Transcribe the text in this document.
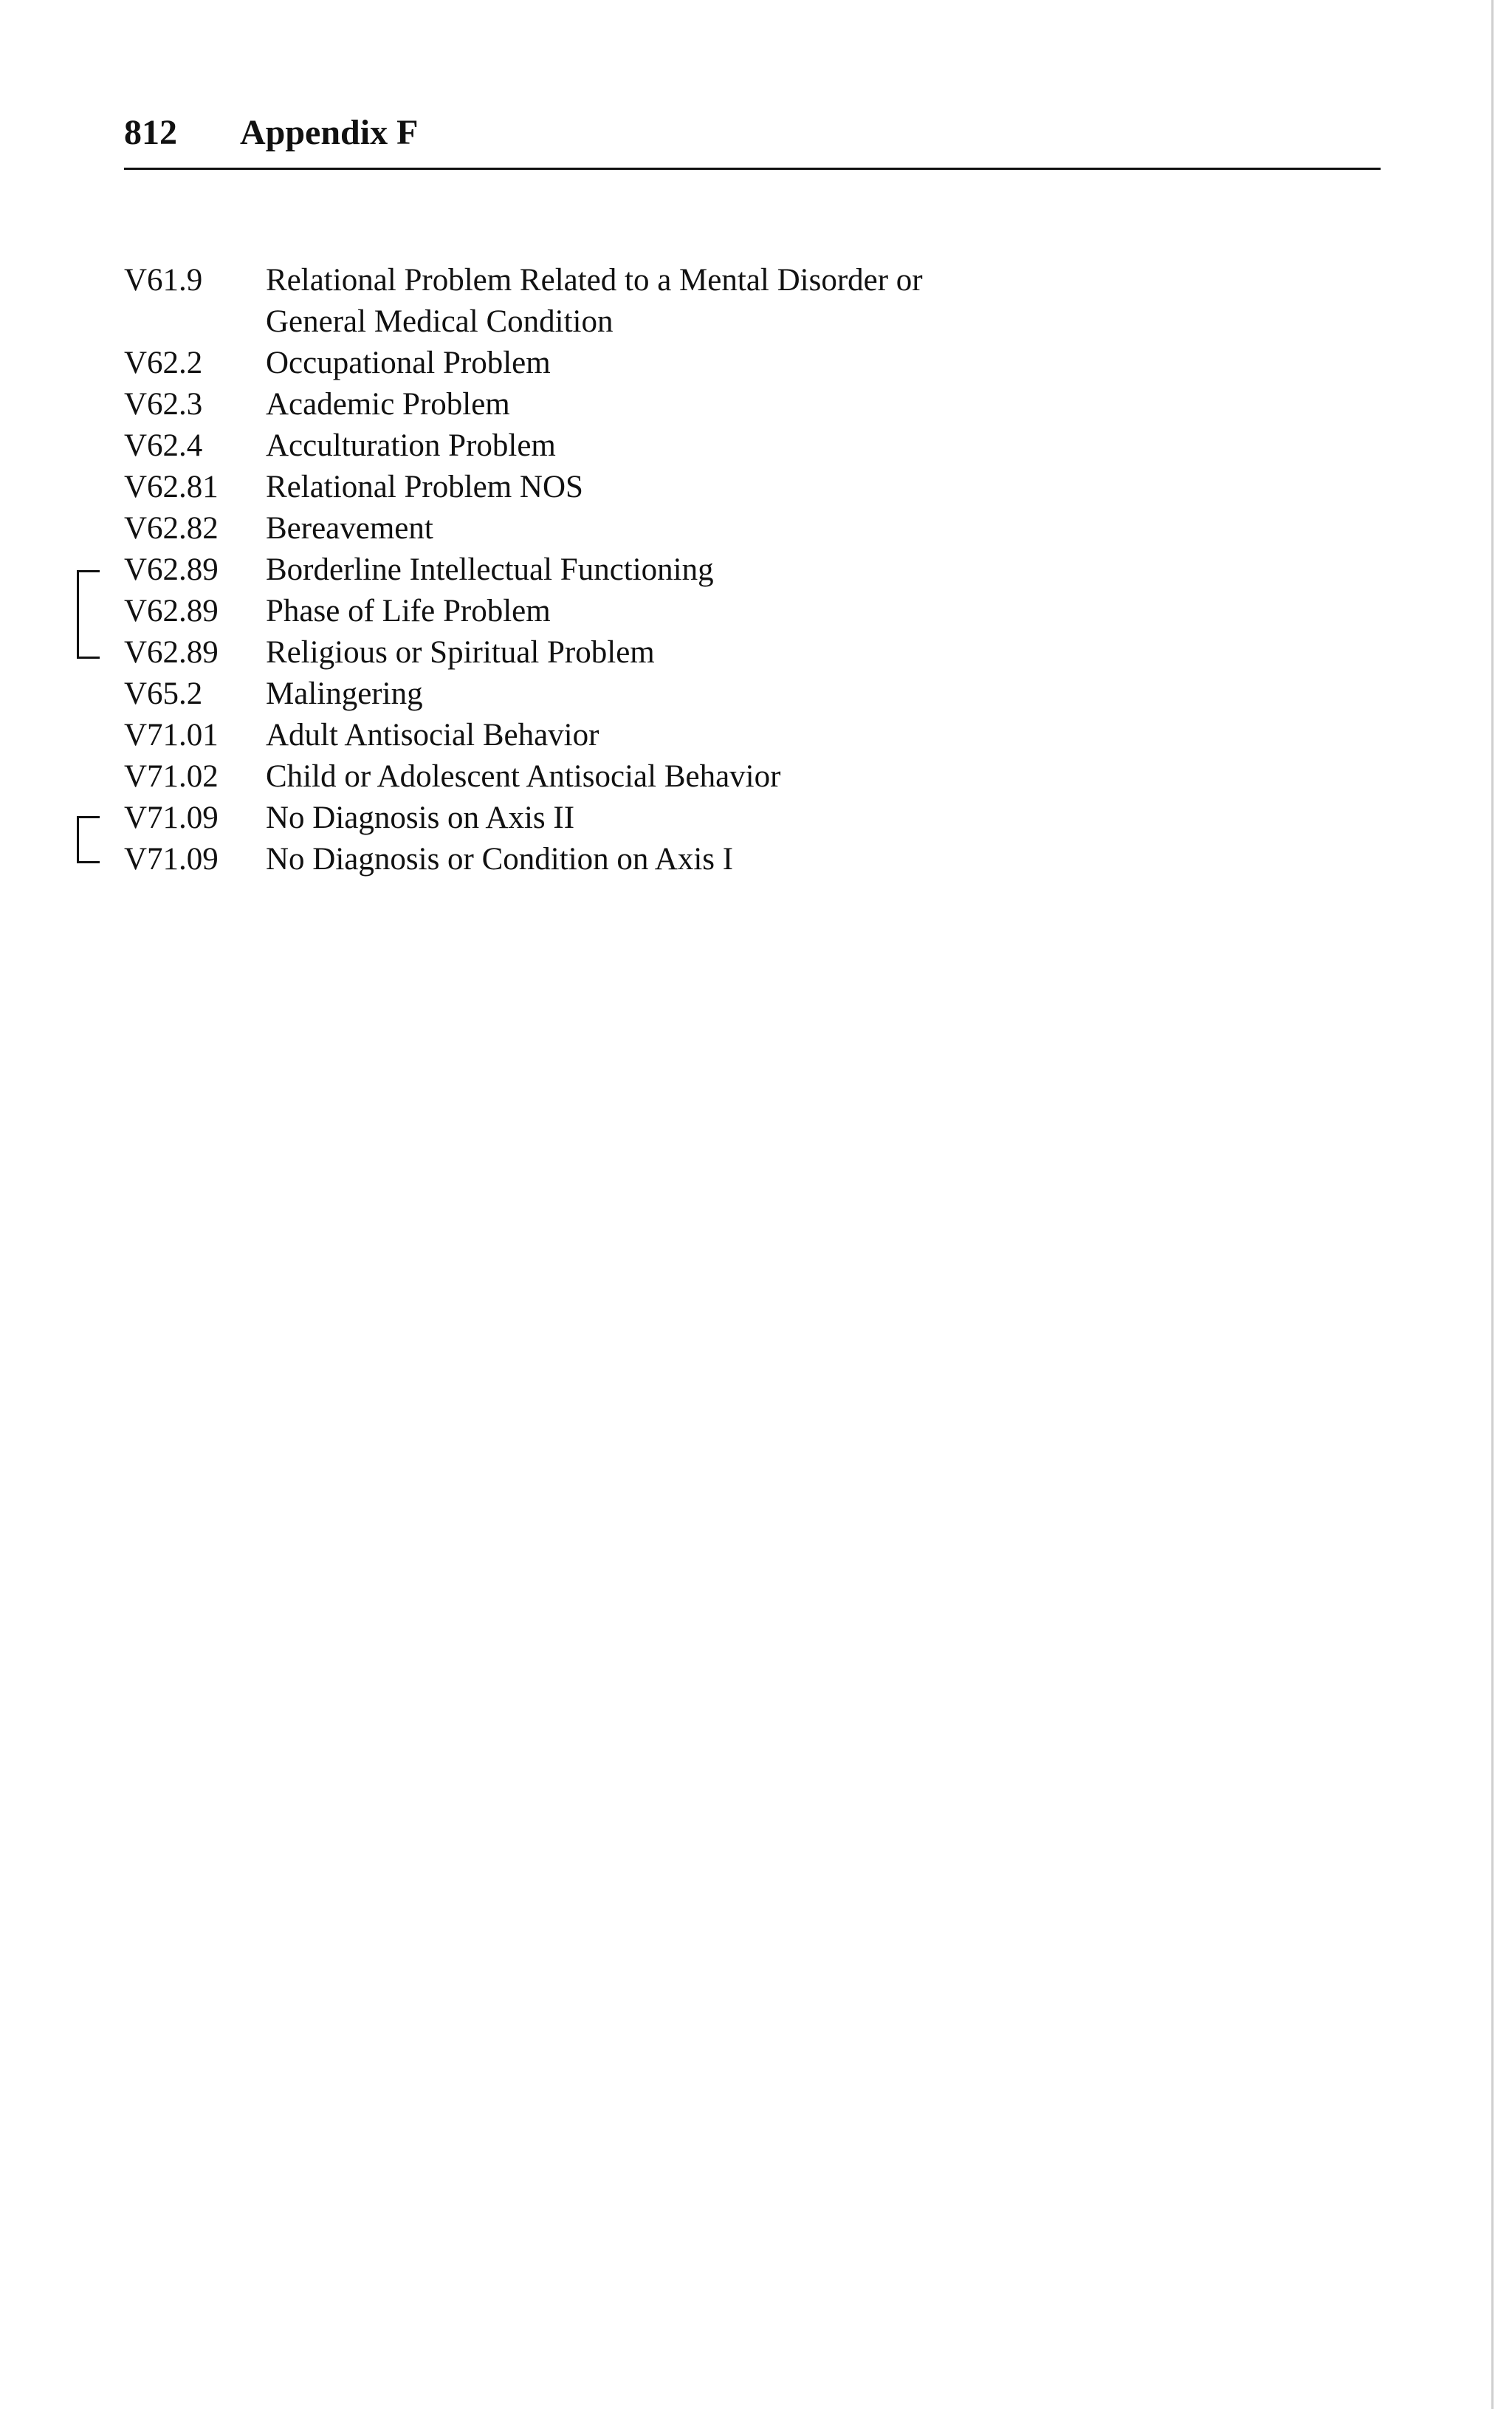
812 Appendix F
V61.9 Relational Problem Related to a Mental Disorder or General Medical Condition
V62.2 Occupational Problem
V62.3 Academic Problem
V62.4 Acculturation Problem
V62.81 Relational Problem NOS
V62.82 Bereavement
V62.89 Borderline Intellectual Functioning
V62.89 Phase of Life Problem
V62.89 Religious or Spiritual Problem
V65.2 Malingering
V71.01 Adult Antisocial Behavior
V71.02 Child or Adolescent Antisocial Behavior
V71.09 No Diagnosis on Axis II
V71.09 No Diagnosis or Condition on Axis I
